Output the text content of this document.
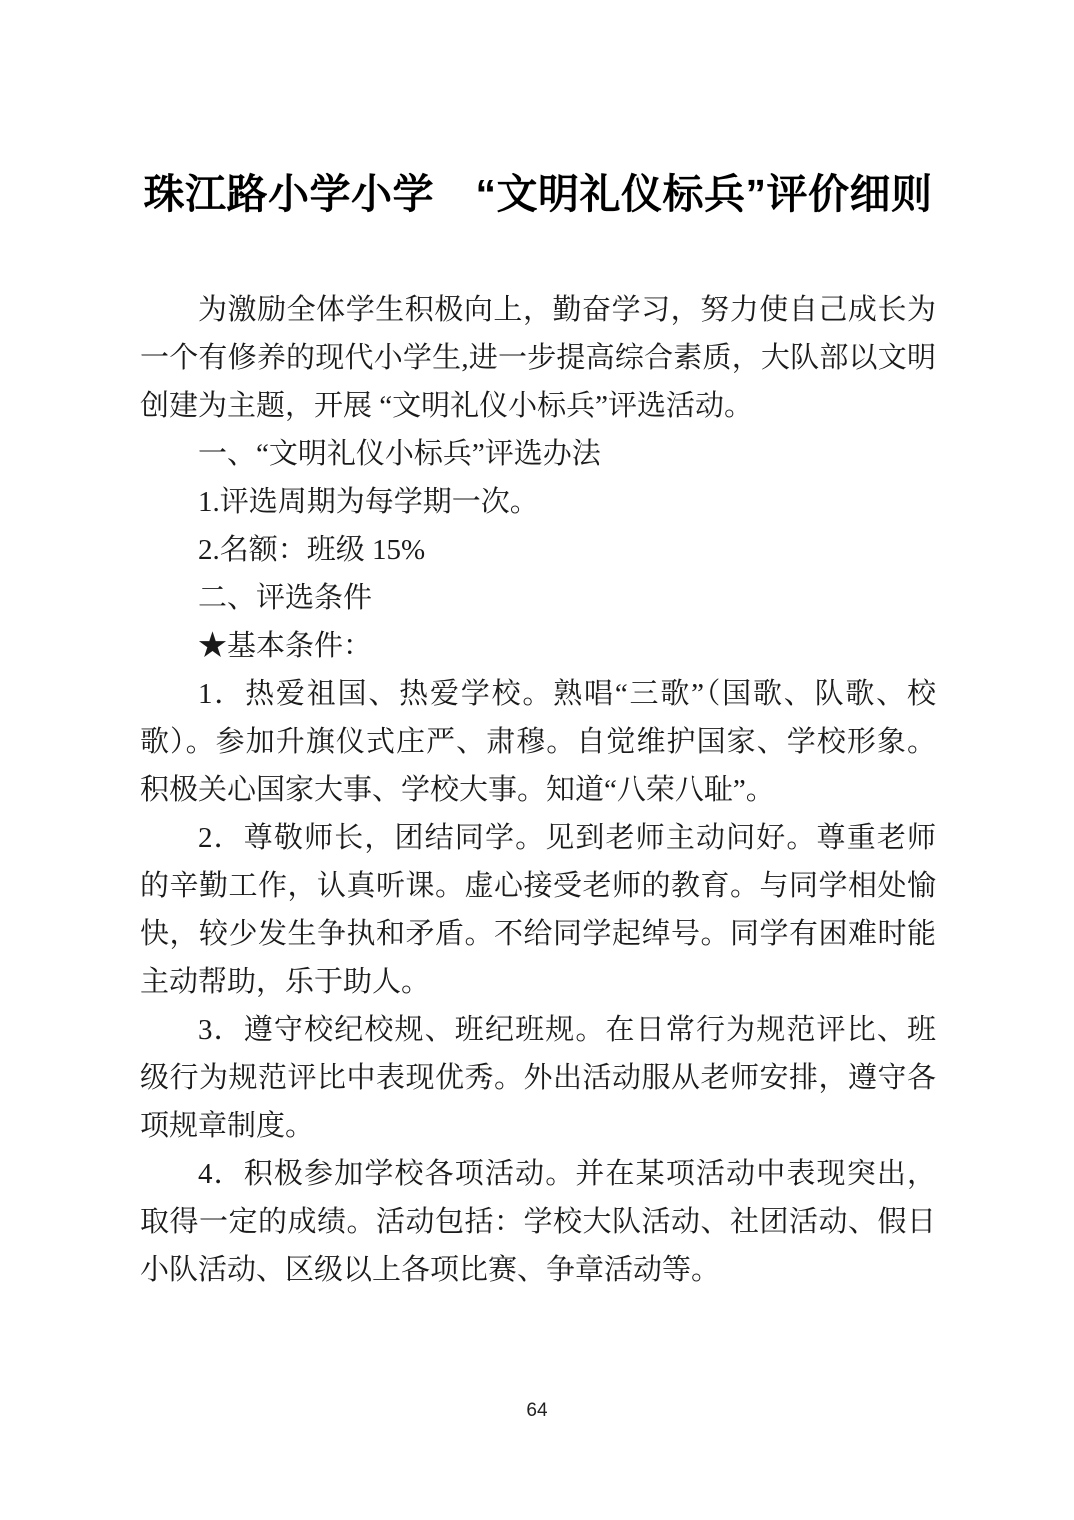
珠江路小学小学　“文明礼仪标兵”评价细则

为激励全体学生积极向上，勤奋学习，努力使自己成长为一个有修养的现代小学生,进一步提高综合素质，大队部以文明创建为主题，开展 “文明礼仪小标兵”评选活动。

一、“文明礼仪小标兵”评选办法

1.评选周期为每学期一次。

2.名额：班级 15%

二、评选条件

★基本条件：

1．热爱祖国、热爱学校。熟唱“三歌”（国歌、队歌、校歌）。参加升旗仪式庄严、肃穆。自觉维护国家、学校形象。积极关心国家大事、学校大事。知道“八荣八耻”。

2．尊敬师长，团结同学。见到老师主动问好。尊重老师的辛勤工作，认真听课。虚心接受老师的教育。与同学相处愉快，较少发生争执和矛盾。不给同学起绰号。同学有困难时能主动帮助，乐于助人。

3．遵守校纪校规、班纪班规。在日常行为规范评比、班级行为规范评比中表现优秀。外出活动服从老师安排，遵守各项规章制度。

4．积极参加学校各项活动。并在某项活动中表现突出，取得一定的成绩。活动包括：学校大队活动、社团活动、假日小队活动、区级以上各项比赛、争章活动等。

64
